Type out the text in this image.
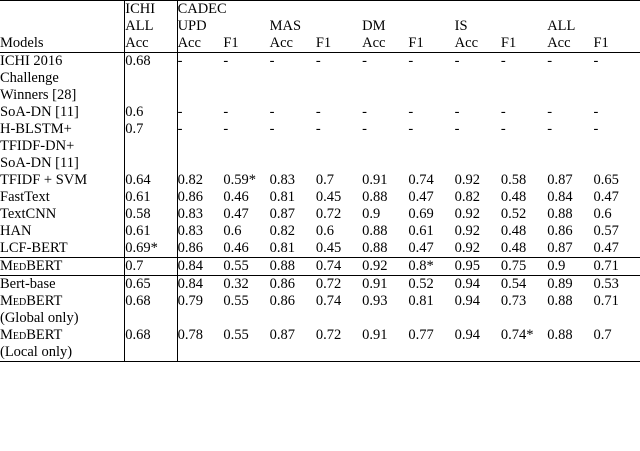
	ICHI	CADEC									
	ALL	UPD		MAS		DM		IS		ALL	
Models	Acc	Acc	F1	Acc	F1	Acc	F1	Acc	F1	Acc	F1

ICHI 2016
Challenge
Winners [28]	0.68	-	-	-	-	-	-	-	-	-	-

SoA-DN [11]	0.6	-	-	-	-	-	-	-	-	-	-

H-BLSTM+
TFIDF-DN+
SoA-DN [11]	0.7	-	-	-	-	-	-	-	-	-	-

TFIDF + SVM	0.64	0.82	0.59*	0.83	0.7	0.91	0.74	0.92	0.58	0.87	0.65

FastText	0.61	0.86	0.46	0.81	0.45	0.88	0.47	0.82	0.48	0.84	0.47

TextCNN	0.58	0.83	0.47	0.87	0.72	0.9	0.69	0.92	0.52	0.88	0.6

HAN	0.61	0.83	0.6	0.82	0.6	0.88	0.61	0.92	0.48	0.86	0.57

LCF-BERT	0.69*	0.86	0.46	0.81	0.45	0.88	0.47	0.92	0.48	0.87	0.47

MedBERT	0.7	0.84	0.55	0.88	0.74	0.92	0.8*	0.95	0.75	0.9	0.71

Bert-base	0.65	0.84	0.32	0.86	0.72	0.91	0.52	0.94	0.54	0.89	0.53

MedBERT
(Global only)	0.68	0.79	0.55	0.86	0.74	0.93	0.81	0.94	0.73	0.88	0.71

MedBERT
(Local only)	0.68	0.78	0.55	0.87	0.72	0.91	0.77	0.94	0.74*	0.88	0.7
